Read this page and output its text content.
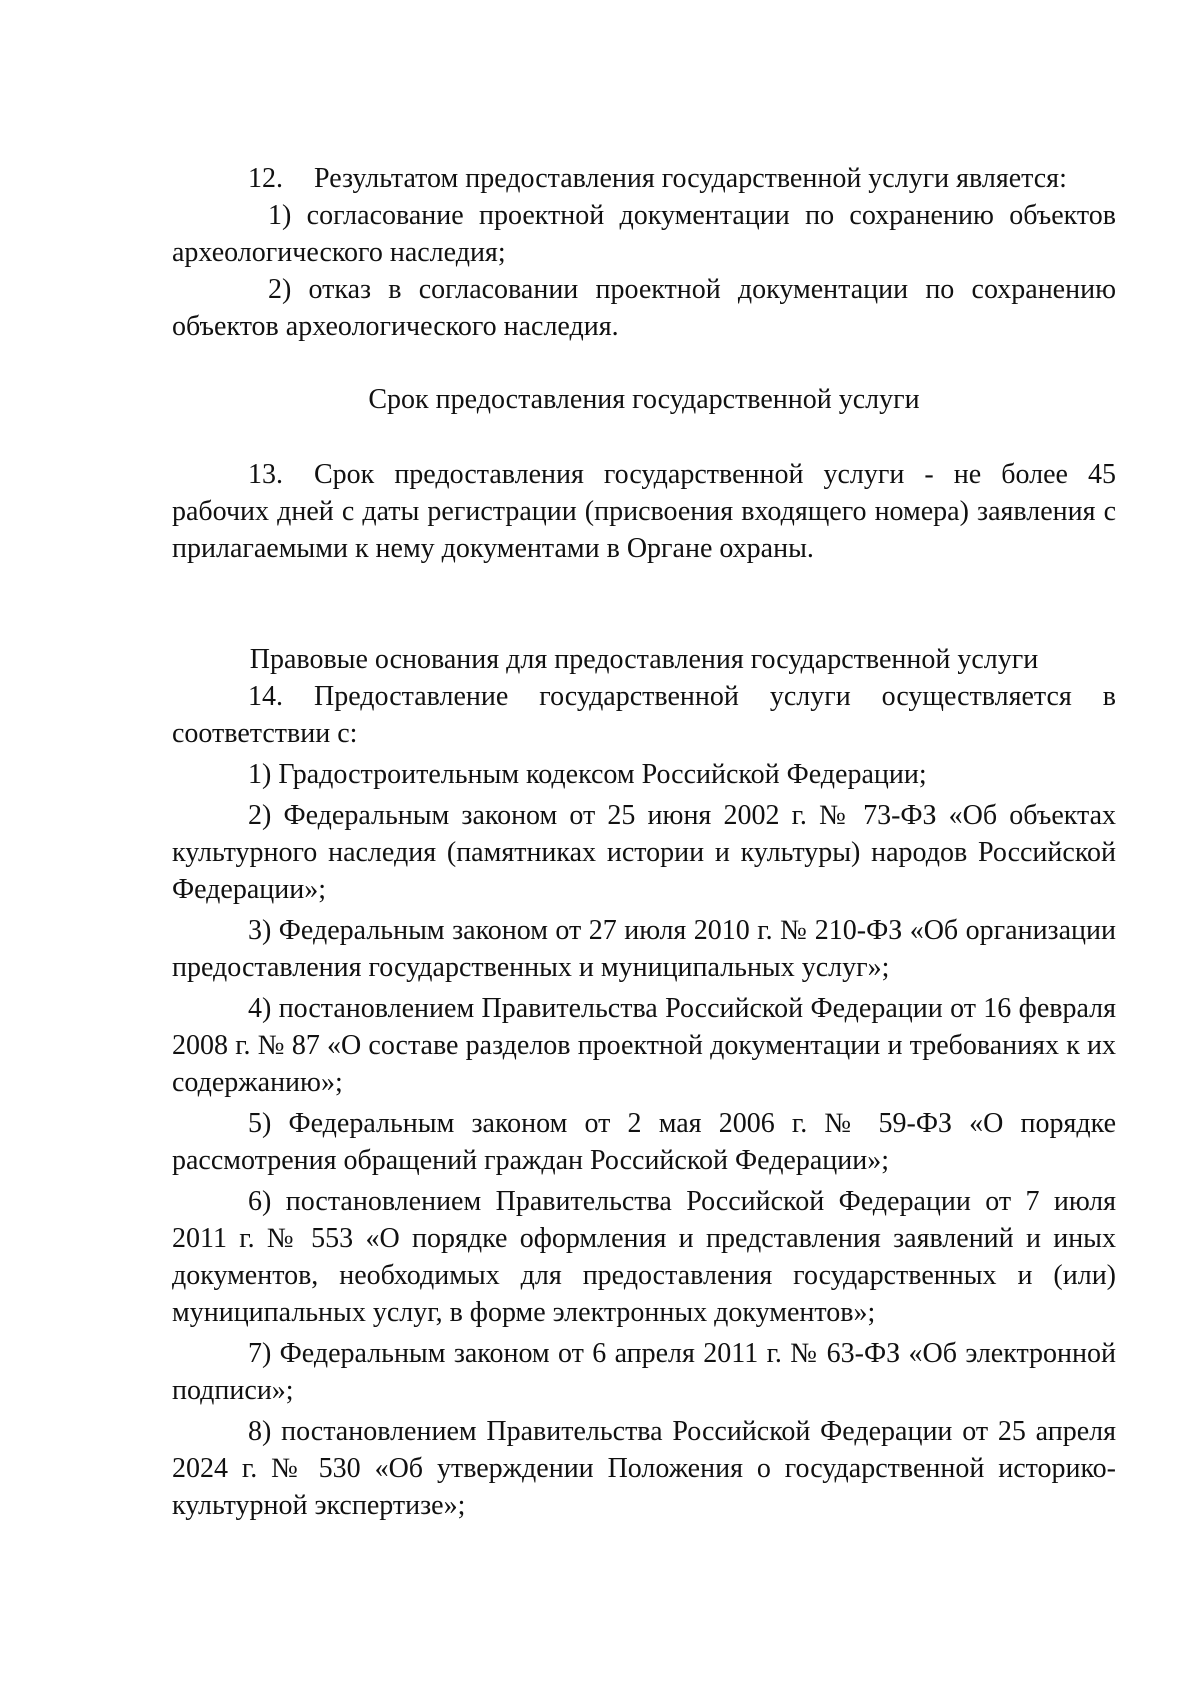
12. Результатом предоставления государственной услуги является:

1) согласование проектной документации по сохранению объектов археологического наследия;

2) отказ в согласовании проектной документации по сохранению объектов археологического наследия.

Срок предоставления государственной услуги

13. Срок предоставления государственной услуги - не более 45 рабочих дней с даты регистрации (присвоения входящего номера) заявления с прилагаемыми к нему документами в Органе охраны.

Правовые основания для предоставления государственной услуги

14. Предоставление государственной услуги осуществляется в соответствии с:

1) Градостроительным кодексом Российской Федерации;

2) Федеральным законом от 25 июня 2002 г. № 73-ФЗ «Об объектах культурного наследия (памятниках истории и культуры) народов Российской Федерации»;

3) Федеральным законом от 27 июля 2010 г. № 210-ФЗ «Об организации предоставления государственных и муниципальных услуг»;

4) постановлением Правительства Российской Федерации от 16 февраля 2008 г. № 87 «О составе разделов проектной документации и требованиях к их содержанию»;

5) Федеральным законом от 2 мая 2006 г. № 59-ФЗ «О порядке рассмотрения обращений граждан Российской Федерации»;

6) постановлением Правительства Российской Федерации от 7 июля 2011 г. № 553 «О порядке оформления и представления заявлений и иных документов, необходимых для предоставления государственных и (или) муниципальных услуг, в форме электронных документов»;

7) Федеральным законом от 6 апреля 2011 г. № 63-ФЗ «Об электронной подписи»;

8) постановлением Правительства Российской Федерации от 25 апреля 2024 г. № 530 «Об утверждении Положения о государственной историко-культурной экспертизе»;
